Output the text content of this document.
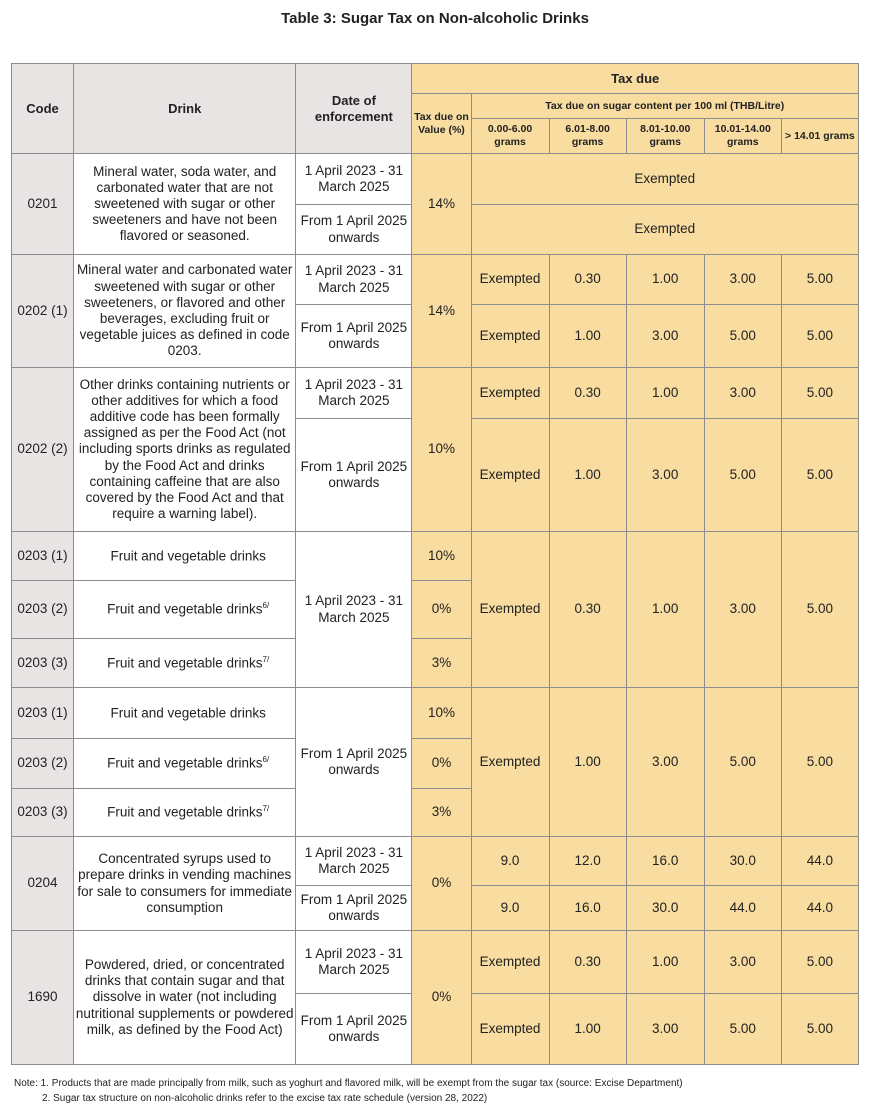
Table 3: Sugar Tax on Non-alcoholic Drinks
Code	Drink	Date of enforcement	Tax due					
			Tax due on Value (%)	Tax due on sugar content per 100 ml (THB/Litre)				
				0.00-6.00 grams	6.01-8.00 grams	8.01-10.00 grams	10.01-14.00 grams	> 14.01 grams
0201	Mineral water, soda water, and carbonated water that are not sweetened with sugar or other sweeteners and have not been flavored or seasoned.	1 April 2023 - 31 March 2025	14%	Exempted				
		From 1 April 2025 onwards		Exempted				
0202 (1)	Mineral water and carbonated water sweetened with sugar or other sweeteners, or flavored and other beverages, excluding fruit or vegetable juices as defined in code 0203.	1 April 2023 - 31 March 2025	14%	Exempted	0.30	1.00	3.00	5.00
		From 1 April 2025 onwards		Exempted	1.00	3.00	5.00	5.00
0202 (2)	Other drinks containing nutrients or other additives for which a food additive code has been formally assigned as per the Food Act (not including sports drinks as regulated by the Food Act and drinks containing caffeine that are also covered by the Food Act and that require a warning label).	1 April 2023 - 31 March 2025	10%	Exempted	0.30	1.00	3.00	5.00
		From 1 April 2025 onwards		Exempted	1.00	3.00	5.00	5.00
0203 (1)	Fruit and vegetable drinks	1 April 2023 - 31 March 2025	10%	Exempted	0.30	1.00	3.00	5.00
0203 (2)	Fruit and vegetable drinks$^{6/}$		0%					
0203 (3)	Fruit and vegetable drinks$^{7/}$		3%					
0203 (1)	Fruit and vegetable drinks	From 1 April 2025 onwards	10%	Exempted	1.00	3.00	5.00	5.00
0203 (2)	Fruit and vegetable drinks$^{6/}$		0%					
0203 (3)	Fruit and vegetable drinks$^{7/}$		3%					
0204	Concentrated syrups used to prepare drinks in vending machines for sale to consumers for immediate consumption	1 April 2023 - 31 March 2025	0%	9.0	12.0	16.0	30.0	44.0
		From 1 April 2025 onwards		9.0	16.0	30.0	44.0	44.0
1690	Powdered, dried, or concentrated drinks that contain sugar and that dissolve in water (not including nutritional supplements or powdered milk, as defined by the Food Act)	1 April 2023 - 31 March 2025	0%	Exempted	0.30	1.00	3.00	5.00
		From 1 April 2025 onwards		Exempted	1.00	3.00	5.00	5.00
Note: 1. Products that are made principally from milk, such as yoghurt and flavored milk, will be exempt from the sugar tax (source: Excise Department)
2. Sugar tax structure on non-alcoholic drinks refer to the excise tax rate schedule (version 28, 2022)
